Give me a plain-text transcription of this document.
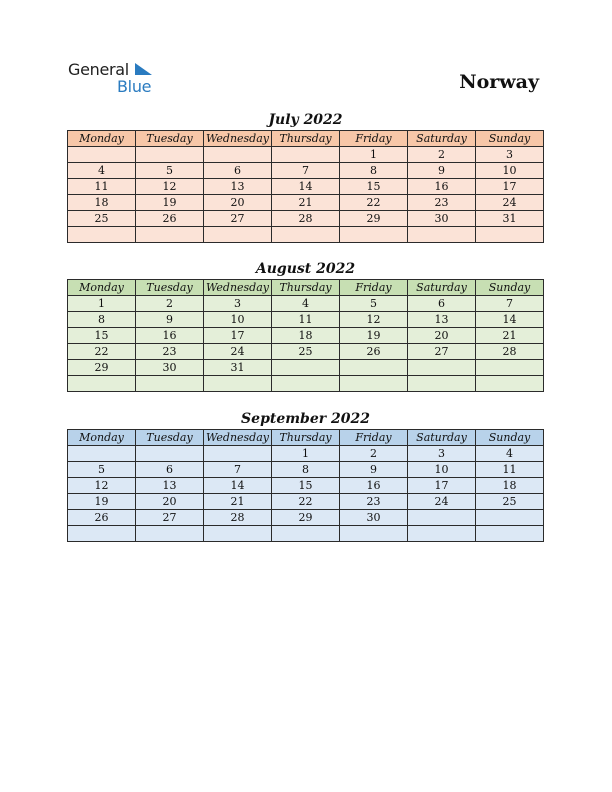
General
Blue	Norway
July 2022
Monday	Tuesday	Wednesday	Thursday	Friday	Saturday	Sunday
				1	2	3
4	5	6	7	8	9	10
11	12	13	14	15	16	17
18	19	20	21	22	23	24
25	26	27	28	29	30	31

August 2022
Monday	Tuesday	Wednesday	Thursday	Friday	Saturday	Sunday
1	2	3	4	5	6	7
8	9	10	11	12	13	14
15	16	17	18	19	20	21
22	23	24	25	26	27	28
29	30	31				

September 2022
Monday	Tuesday	Wednesday	Thursday	Friday	Saturday	Sunday
			1	2	3	4
5	6	7	8	9	10	11
12	13	14	15	16	17	18
19	20	21	22	23	24	25
26	27	28	29	30		
